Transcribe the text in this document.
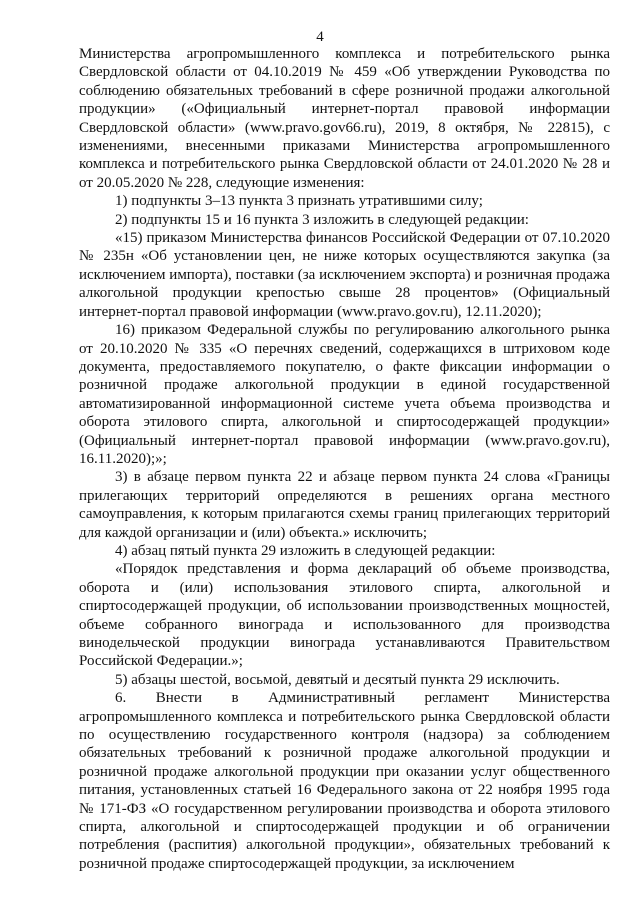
4

Министерства агропромышленного комплекса и потребительского рынка Свердловской области от 04.10.2019 № 459 «Об утверждении Руководства по соблюдению обязательных требований в сфере розничной продажи алкогольной продукции» («Официальный интернет-портал правовой информации Свердловской области» (www.pravo.gov66.ru), 2019, 8 октября, № 22815), с изменениями, внесенными приказами Министерства агропромышленного комплекса и потребительского рынка Свердловской области от 24.01.2020 № 28 и от 20.05.2020 № 228, следующие изменения:

1) подпункты 3–13 пункта 3 признать утратившими силу;

2) подпункты 15 и 16 пункта 3 изложить в следующей редакции:

«15) приказом Министерства финансов Российской Федерации от 07.10.2020 № 235н «Об установлении цен, не ниже которых осуществляются закупка (за исключением импорта), поставки (за исключением экспорта) и розничная продажа алкогольной продукции крепостью свыше 28 процентов» (Официальный интернет-портал правовой информации (www.pravo.gov.ru), 12.11.2020);

16) приказом Федеральной службы по регулированию алкогольного рынка от 20.10.2020 № 335 «О перечнях сведений, содержащихся в штриховом коде документа, предоставляемого покупателю, о факте фиксации информации о розничной продаже алкогольной продукции в единой государственной автоматизированной информационной системе учета объема производства и оборота этилового спирта, алкогольной и спиртосодержащей продукции» (Официальный интернет-портал правовой информации (www.pravo.gov.ru), 16.11.2020);»;

3) в абзаце первом пункта 22 и абзаце первом пункта 24 слова «Границы прилегающих территорий определяются в решениях органа местного самоуправления, к которым прилагаются схемы границ прилегающих территорий для каждой организации и (или) объекта.» исключить;

4) абзац пятый пункта 29 изложить в следующей редакции:

«Порядок представления и форма деклараций об объеме производства, оборота и (или) использования этилового спирта, алкогольной и спиртосодержащей продукции, об использовании производственных мощностей, объеме собранного винограда и использованного для производства винодельческой продукции винограда устанавливаются Правительством Российской Федерации.»;

5) абзацы шестой, восьмой, девятый и десятый пункта 29 исключить.

6. Внести в Административный регламент Министерства агропромышленного комплекса и потребительского рынка Свердловской области по осуществлению государственного контроля (надзора) за соблюдением обязательных требований к розничной продаже алкогольной продукции и розничной продаже алкогольной продукции при оказании услуг общественного питания, установленных статьей 16 Федерального закона от 22 ноября 1995 года № 171-ФЗ «О государственном регулировании производства и оборота этилового спирта, алкогольной и спиртосодержащей продукции и об ограничении потребления (распития) алкогольной продукции», обязательных требований к розничной продаже спиртосодержащей продукции, за исключением
